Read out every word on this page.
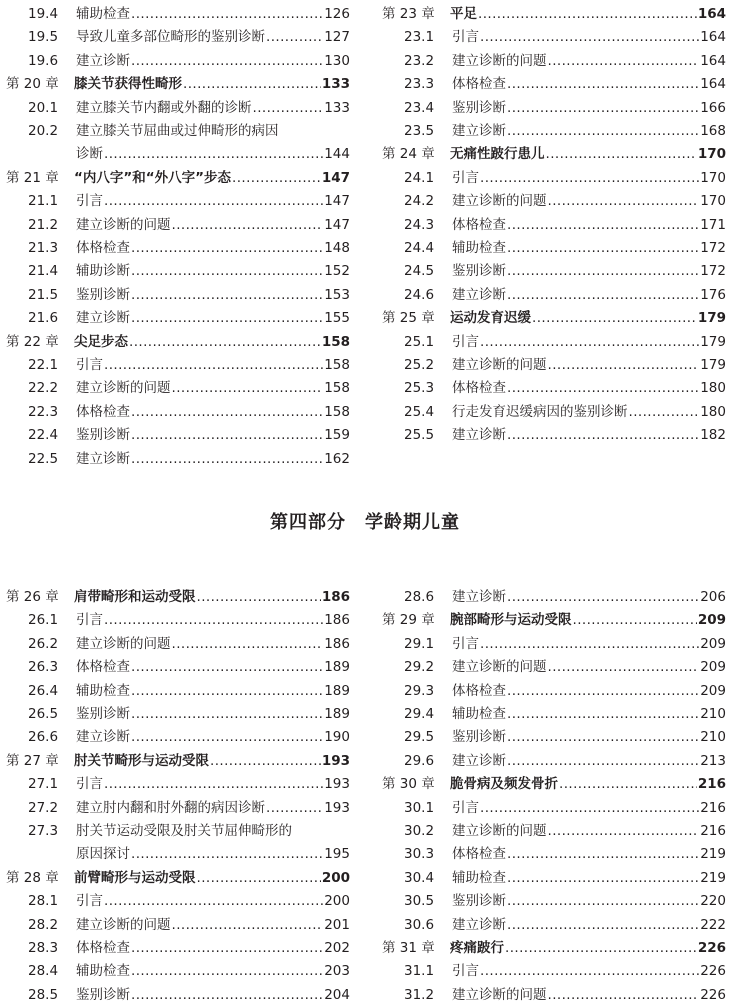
19.4	辅助检查 .....	126
19.5	导致儿童多部位畸形的鉴别诊断 .....	127
19.6	建立诊断 .....	130
第 20 章	膝关节获得性畸形 .....	133
20.1	建立膝关节内翻或外翻的诊断 .....	133
20.2	建立膝关节屈曲或过伸畸形的病因
诊断 .....	144
第 21 章	“内八字”和“外八字”步态 .....	147
21.1	引言 .....	147
21.2	建立诊断的问题 .....	147
21.3	体格检查 .....	148
21.4	辅助诊断 .....	152
21.5	鉴别诊断 .....	153
21.6	建立诊断 .....	155
第 22 章	尖足步态 .....	158
22.1	引言 .....	158
22.2	建立诊断的问题 .....	158
22.3	体格检查 .....	158
22.4	鉴别诊断 .....	159
22.5	建立诊断 .....	162
第 23 章	平足 .....	164
23.1	引言 .....	164
23.2	建立诊断的问题 .....	164
23.3	体格检查 .....	164
23.4	鉴别诊断 .....	166
23.5	建立诊断 .....	168
第 24 章	无痛性跛行患儿 .....	170
24.1	引言 .....	170
24.2	建立诊断的问题 .....	170
24.3	体格检查 .....	171
24.4	辅助检查 .....	172
24.5	鉴别诊断 .....	172
24.6	建立诊断 .....	176
第 25 章	运动发育迟缓 .....	179
25.1	引言 .....	179
25.2	建立诊断的问题 .....	179
25.3	体格检查 .....	180
25.4	行走发育迟缓病因的鉴别诊断 .....	180
25.5	建立诊断 .....	182
第四部分　学龄期儿童
第 26 章	肩带畸形和运动受限 .....	186
26.1	引言 .....	186
26.2	建立诊断的问题 .....	186
26.3	体格检查 .....	189
26.4	辅助检查 .....	189
26.5	鉴别诊断 .....	189
26.6	建立诊断 .....	190
第 27 章	肘关节畸形与运动受限 .....	193
27.1	引言 .....	193
27.2	建立肘内翻和肘外翻的病因诊断 .....	193
27.3	肘关节运动受限及肘关节屈伸畸形的
原因探讨 .....	195
第 28 章	前臂畸形与运动受限 .....	200
28.1	引言 .....	200
28.2	建立诊断的问题 .....	201
28.3	体格检查 .....	202
28.4	辅助检查 .....	203
28.5	鉴别诊断 .....	204
28.6	建立诊断 .....	206
第 29 章	腕部畸形与运动受限 .....	209
29.1	引言 .....	209
29.2	建立诊断的问题 .....	209
29.3	体格检查 .....	209
29.4	辅助检查 .....	210
29.5	鉴别诊断 .....	210
29.6	建立诊断 .....	213
第 30 章	脆骨病及频发骨折 .....	216
30.1	引言 .....	216
30.2	建立诊断的问题 .....	216
30.3	体格检查 .....	219
30.4	辅助检查 .....	219
30.5	鉴别诊断 .....	220
30.6	建立诊断 .....	222
第 31 章	疼痛跛行 .....	226
31.1	引言 .....	226
31.2	建立诊断的问题 .....	226
